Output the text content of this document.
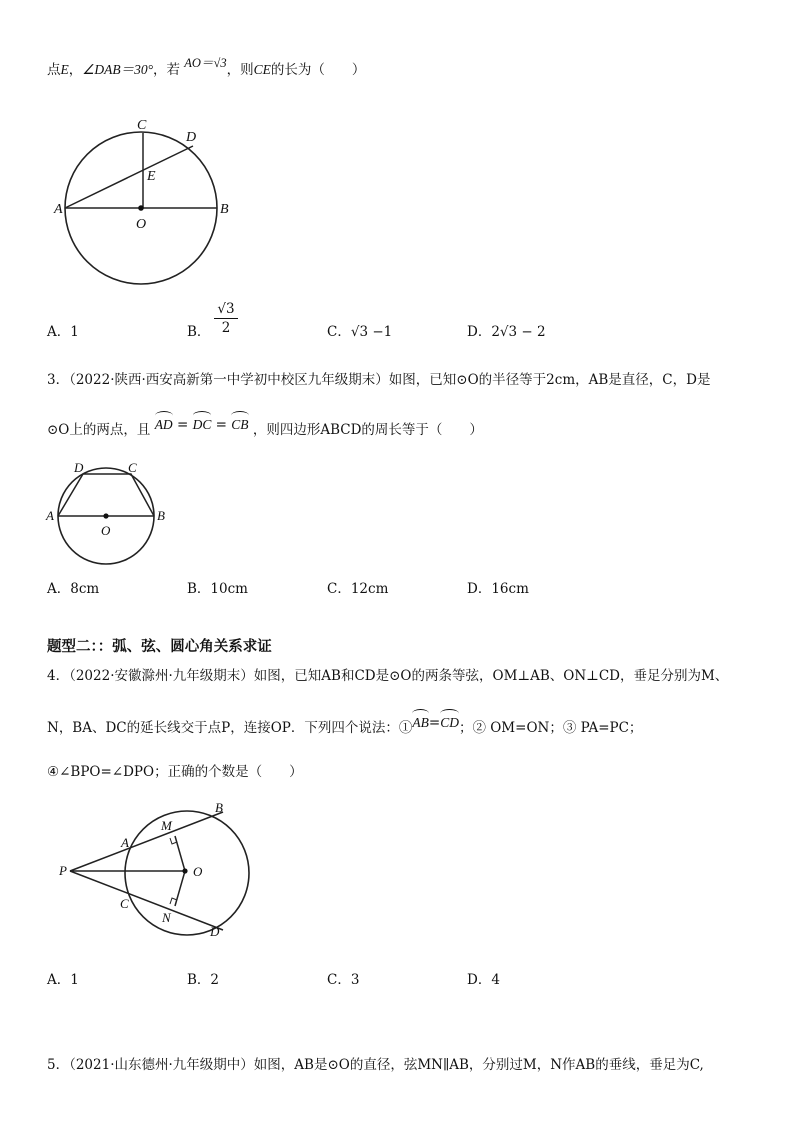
点E，∠DAB＝30°，若 AO＝√3，则CE的长为（　　）
C
D
E
A
O
B
A．1	B．
√3
2	C．√3 −1	D．2√3 − 2
3．（2022·陕西·西安高新第一中学初中校区九年级期末）如图，已知⊙O的半径等于2cm，AB是直径，C，D是
⊙O上的两点，且 AD = DC = CB ，则四边形ABCD的周长等于（　　）
D	C
A	B
O
A．8cm	B．10cm	C．12cm	D．16cm
题型二：：弧、弦、圆心角关系求证
4．（2022·安徽滁州·九年级期末）如图，已知AB和CD是⊙O的两条等弦，OM⊥AB、ON⊥CD，垂足分别为M、
N，BA、DC的延长线交于点P，连接OP．下列四个说法：①AB=CD；② OM=ON；③ PA=PC；
④∠BPO=∠DPO；正确的个数是（　　）
B
M
A
P	O
C
N
D
A．1	B．2	C．3	D．4
5．（2021·山东德州·九年级期中）如图，AB是⊙O的直径，弦MN∥AB，分别过M，N作AB的垂线，垂足为C,
